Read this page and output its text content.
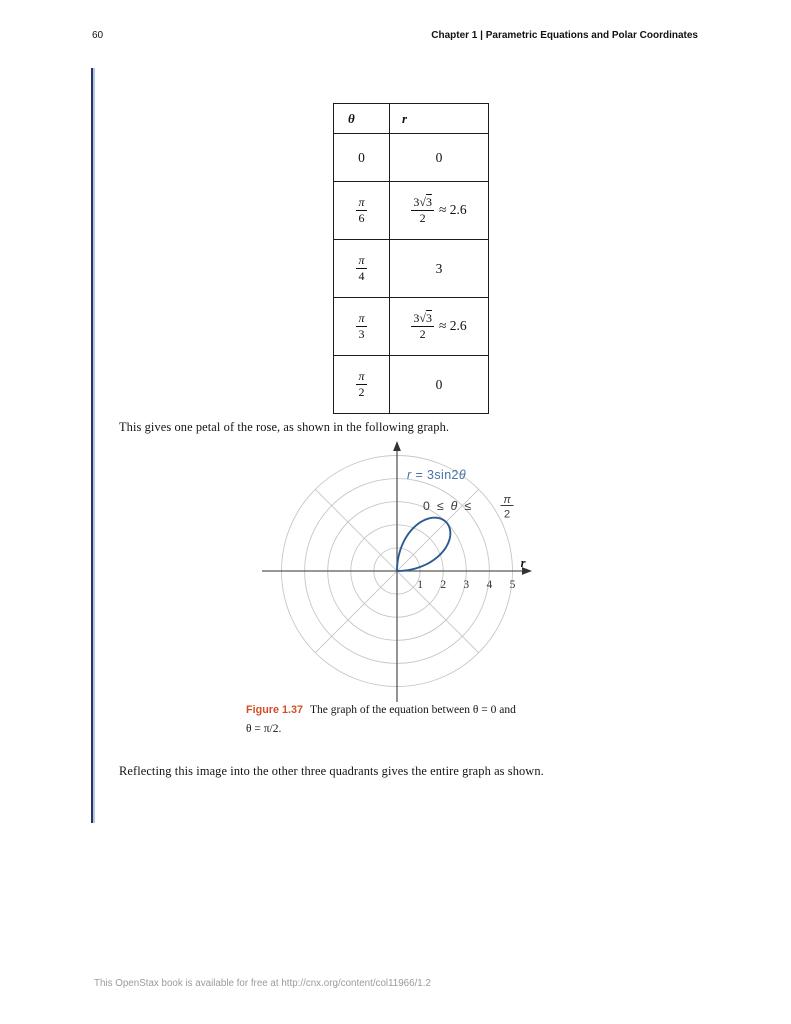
60	Chapter 1 | Parametric Equations and Polar Coordinates
θ	r
0	0

$\frac{\pi}{6}$	$\frac{3√3}{2} \approx 2.6$

$\frac{\pi}{4}$	3

$\frac{\pi}{3}$	$\frac{3√3}{2} \approx 2.6$

$\frac{\pi}{2}$	0
This gives one petal of the rose, as shown in the following graph.
1 2 3 4 5
r
r = 3sin2θ
0 ≤ θ ≤	π
2
Figure 1.37 The graph of the equation between θ = 0 and
θ = π/2.
Reflecting this image into the other three quadrants gives the entire graph as shown.
This OpenStax book is available for free at http://cnx.org/content/col11966/1.2
